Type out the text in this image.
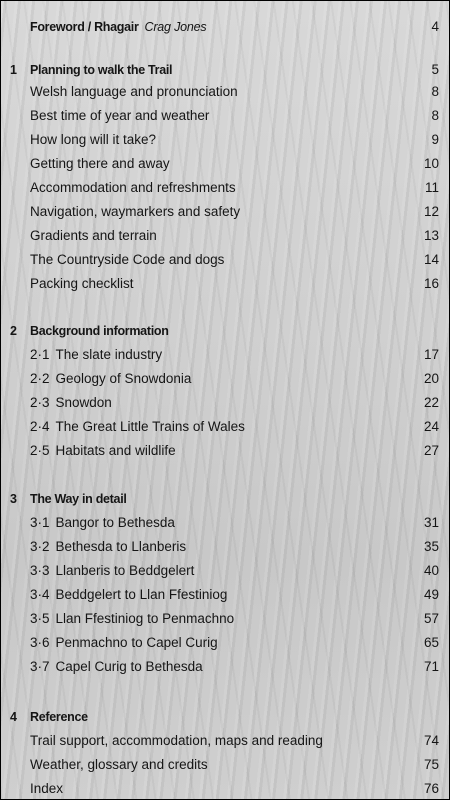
Foreword / Rhagair Crag Jones	4
1	Planning to walk the Trail	5
Welsh language and pronunciation	8
Best time of year and weather	8
How long will it take?	9
Getting there and away	10
Accommodation and refreshments	11
Navigation, waymarkers and safety	12
Gradients and terrain	13
The Countryside Code and dogs	14
Packing checklist	16
2	Background information
2·1 The slate industry	17
2·2 Geology of Snowdonia	20
2·3 Snowdon	22
2·4 The Great Little Trains of Wales	24
2·5 Habitats and wildlife	27
3	The Way in detail
3·1 Bangor to Bethesda	31
3·2 Bethesda to Llanberis	35
3·3 Llanberis to Beddgelert	40
3·4 Beddgelert to Llan Ffestiniog	49
3·5 Llan Ffestiniog to Penmachno	57
3·6 Penmachno to Capel Curig	65
3·7 Capel Curig to Bethesda	71
4	Reference
Trail support, accommodation, maps and reading	74
Weather, glossary and credits	75
Index	76
